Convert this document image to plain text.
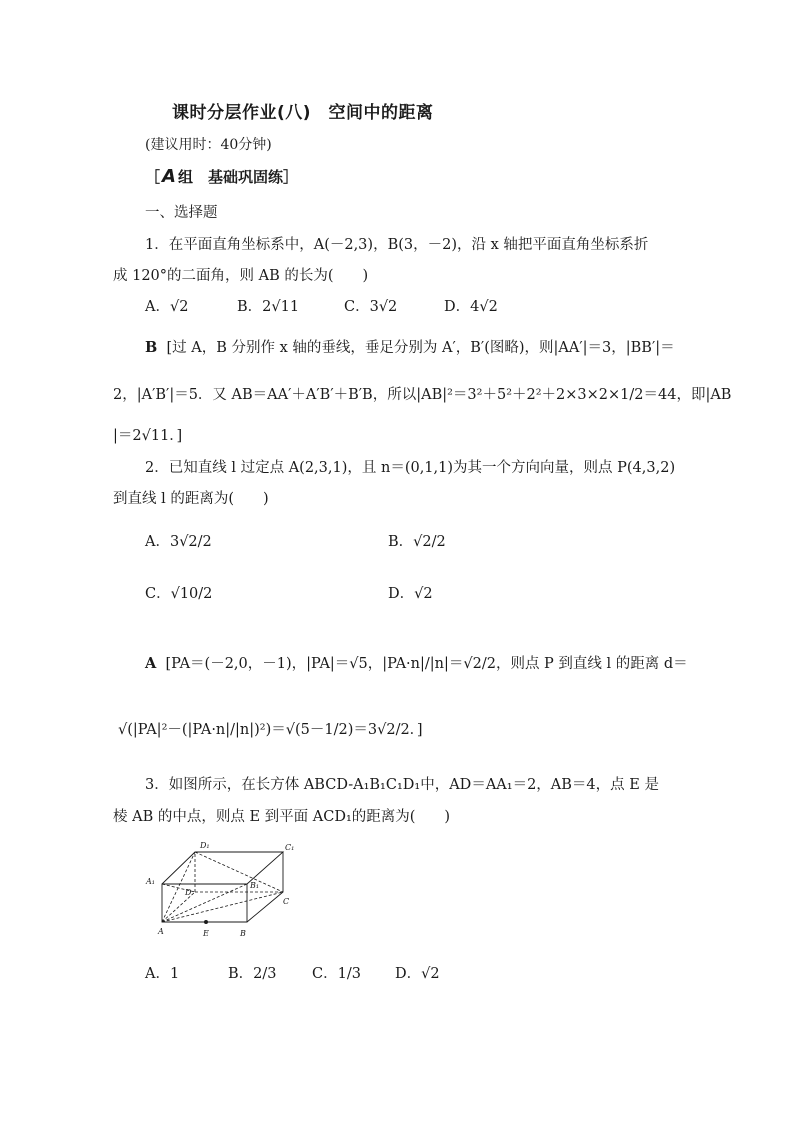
课时分层作业(八)　空间中的距离
(建议用时：40分钟)
［ A 组　基础巩固练］
一、选择题
1．在平面直角坐标系中，A(－2,3)，B(3，－2)，沿 x 轴把平面直角坐标系折
成 120°的二面角，则 AB 的长为(　　)
A．√2	B．2√11	C．3√2	D．4√2
B [过 A，B 分别作 x 轴的垂线，垂足分别为 A′，B′(图略)，则|AA′|＝3，|BB′|＝
2，|A′B′|＝5．又 AB＝AA′＋A′B′＋B′B，所以|AB|²＝3²＋5²＋2²＋2×3×2×1/2＝44，即|AB
|＝2√11．]
2．已知直线 l 过定点 A(2,3,1)，且 n＝(0,1,1)为其一个方向向量，则点 P(4,3,2)
到直线 l 的距离为(　　)
A．3√2/2	B．√2/2
C．√10/2	D．√2
A [PA＝(－2,0，－1)，|PA|＝√5，|PA·n|/|n|＝√2/2，则点 P 到直线 l 的距离 d＝
√(|PA|²－(|PA·n|/|n|)²)＝√(5－1/2)＝3√2/2．]
3．如图所示，在长方体 ABCD-A₁B₁C₁D₁中，AD＝AA₁＝2，AB＝4，点 E 是
棱 AB 的中点，则点 E 到平面 ACD₁的距离为(　　)
D₁	C₁
A₁	B₁
D
C
A	E	B
A．1	B．2/3 C．1/3 D．√2
